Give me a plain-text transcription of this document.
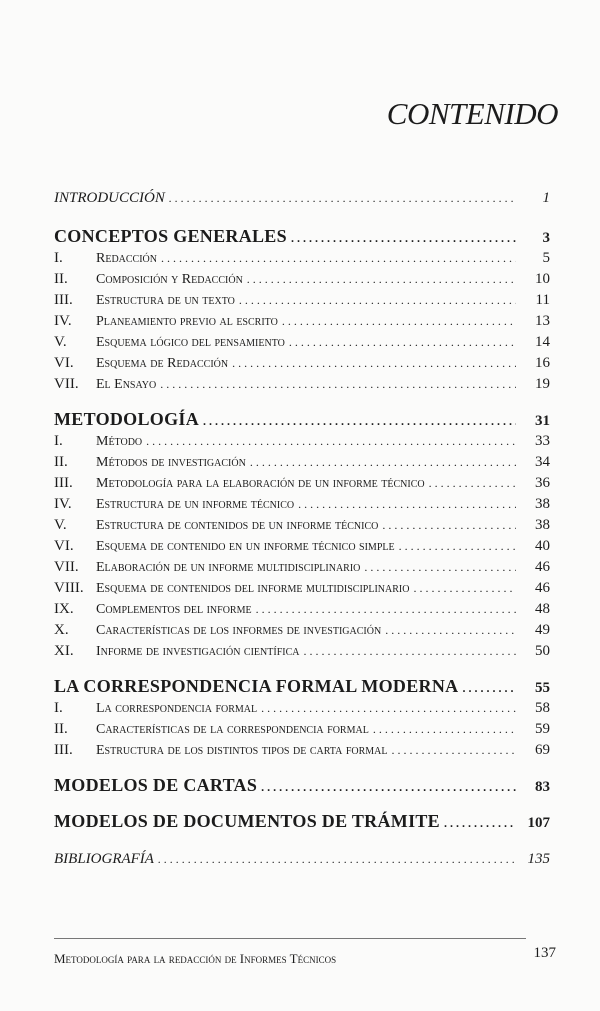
CONTENIDO
INTRODUCCIÓN . . .	1
CONCEPTOS GENERALES . . .	3
I.	Redacción . . .	5
II.	Composición y Redacción . . .	10
III.	Estructura de un texto . . .	11
IV.	Planeamiento previo al escrito . . .	13
V.	Esquema lógico del pensamiento . . .	14
VI.	Esquema de Redacción . . .	16
VII.	El Ensayo . . .	19
METODOLOGÍA . . .	31
I.	Método . . .	33
II.	Métodos de investigación . . .	34
III.	Metodología para la elaboración de un informe técnico . . .	36
IV.	Estructura de un informe técnico . . .	38
V.	Estructura de contenidos de un informe técnico . . .	38
VI.	Esquema de contenido en un informe técnico simple . . .	40
VII.	Elaboración de un informe multidisciplinario . . .	46
VIII. Esquema de contenidos del informe multidisciplinario . . .	46
IX.	Complementos del informe . . .	48
X.	Características de los informes de investigación . . .	49
XI.	Informe de investigación científica . . .	50
LA CORRESPONDENCIA FORMAL MODERNA . . .	55
I.	La correspondencia formal . . .	58
II.	Características de la correspondencia formal . . .	59
III.	Estructura de los distintos tipos de carta formal . . .	69
MODELOS DE CARTAS . . .	83
MODELOS DE DOCUMENTOS DE TRÁMITE . . .	107
BIBLIOGRAFÍA . . .	135
Metodología para la redacción de Informes Técnicos	137
